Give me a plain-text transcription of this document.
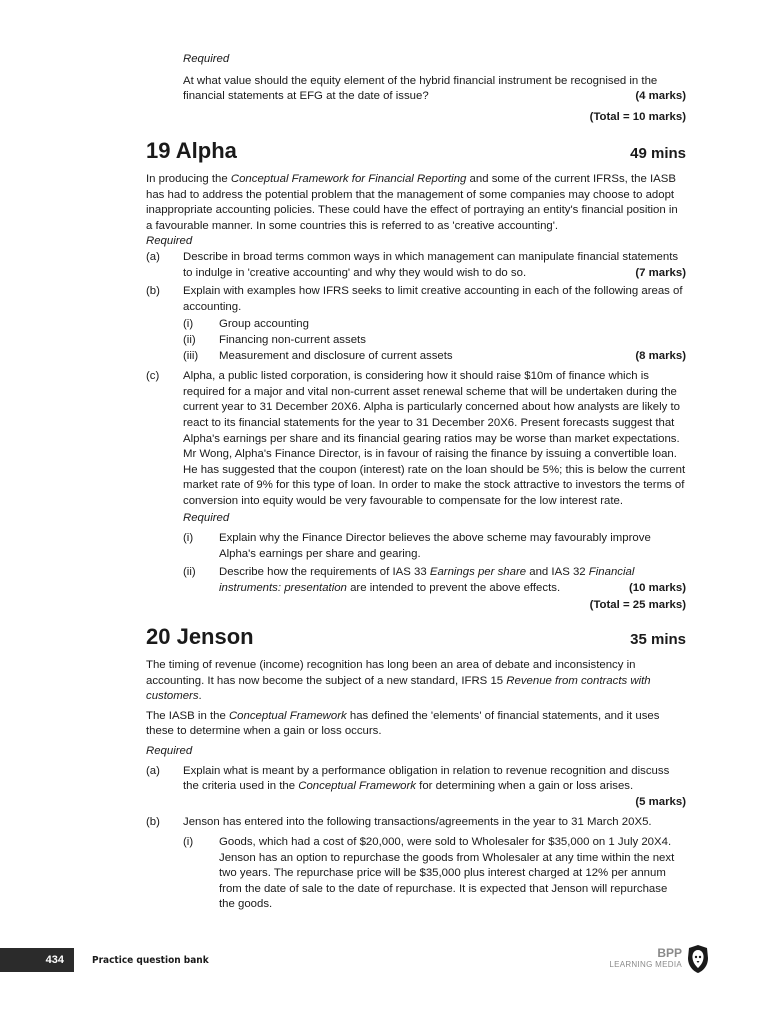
Required

At what value should the equity element of the hybrid financial instrument be recognised in the financial statements at EFG at the date of issue?	(4 marks)

(Total = 10 marks)

19 Alpha	49 mins

In producing the Conceptual Framework for Financial Reporting and some of the current IFRSs, the IASB has had to address the potential problem that the management of some companies may choose to adopt inappropriate accounting policies. These could have the effect of portraying an entity's financial position in a favourable manner. In some countries this is referred to as 'creative accounting'.

Required

(a)	Describe in broad terms common ways in which management can manipulate financial statements to indulge in 'creative accounting' and why they would wish to do so.	(7 marks)
(b)	Explain with examples how IFRS seeks to limit creative accounting in each of the following areas of accounting.

(i)	Group accounting
(ii)	Financing non-current assets
(iii)	Measurement and disclosure of current assets	(8 marks)
(c)	Alpha, a public listed corporation, is considering how it should raise $10m of finance which is required for a major and vital non-current asset renewal scheme that will be undertaken during the current year to 31 December 20X6. Alpha is particularly concerned about how analysts are likely to react to its financial statements for the year to 31 December 20X6. Present forecasts suggest that Alpha's earnings per share and its financial gearing ratios may be worse than market expectations. Mr Wong, Alpha's Finance Director, is in favour of raising the finance by issuing a convertible loan. He has suggested that the coupon (interest) rate on the loan should be 5%; this is below the current market rate of 9% for this type of loan. In order to make the stock attractive to investors the terms of conversion into equity would be very favourable to compensate for the low interest rate.

Required

(i)	Explain why the Finance Director believes the above scheme may favourably improve Alpha's earnings per share and gearing.
(ii)	Describe how the requirements of IAS 33 Earnings per share and IAS 32 Financial instruments: presentation are intended to prevent the above effects.	(10 marks)

(Total = 25 marks)

20 Jenson	35 mins

The timing of revenue (income) recognition has long been an area of debate and inconsistency in accounting. It has now become the subject of a new standard, IFRS 15 Revenue from contracts with customers.

The IASB in the Conceptual Framework has defined the 'elements' of financial statements, and it uses these to determine when a gain or loss occurs.

Required

(a)	Explain what is meant by a performance obligation in relation to revenue recognition and discuss the criteria used in the Conceptual Framework for determining when a gain or loss arises.

(5 marks)

(b)	Jenson has entered into the following transactions/agreements in the year to 31 March 20X5.

(i)	Goods, which had a cost of $20,000, were sold to Wholesaler for $35,000 on 1 July 20X4. Jenson has an option to repurchase the goods from Wholesaler at any time within the next two years. The repurchase price will be $35,000 plus interest charged at 12% per annum from the date of sale to the date of repurchase. It is expected that Jenson will repurchase the goods.
434	Practice question bank
BPP
LEARNING MEDIA
